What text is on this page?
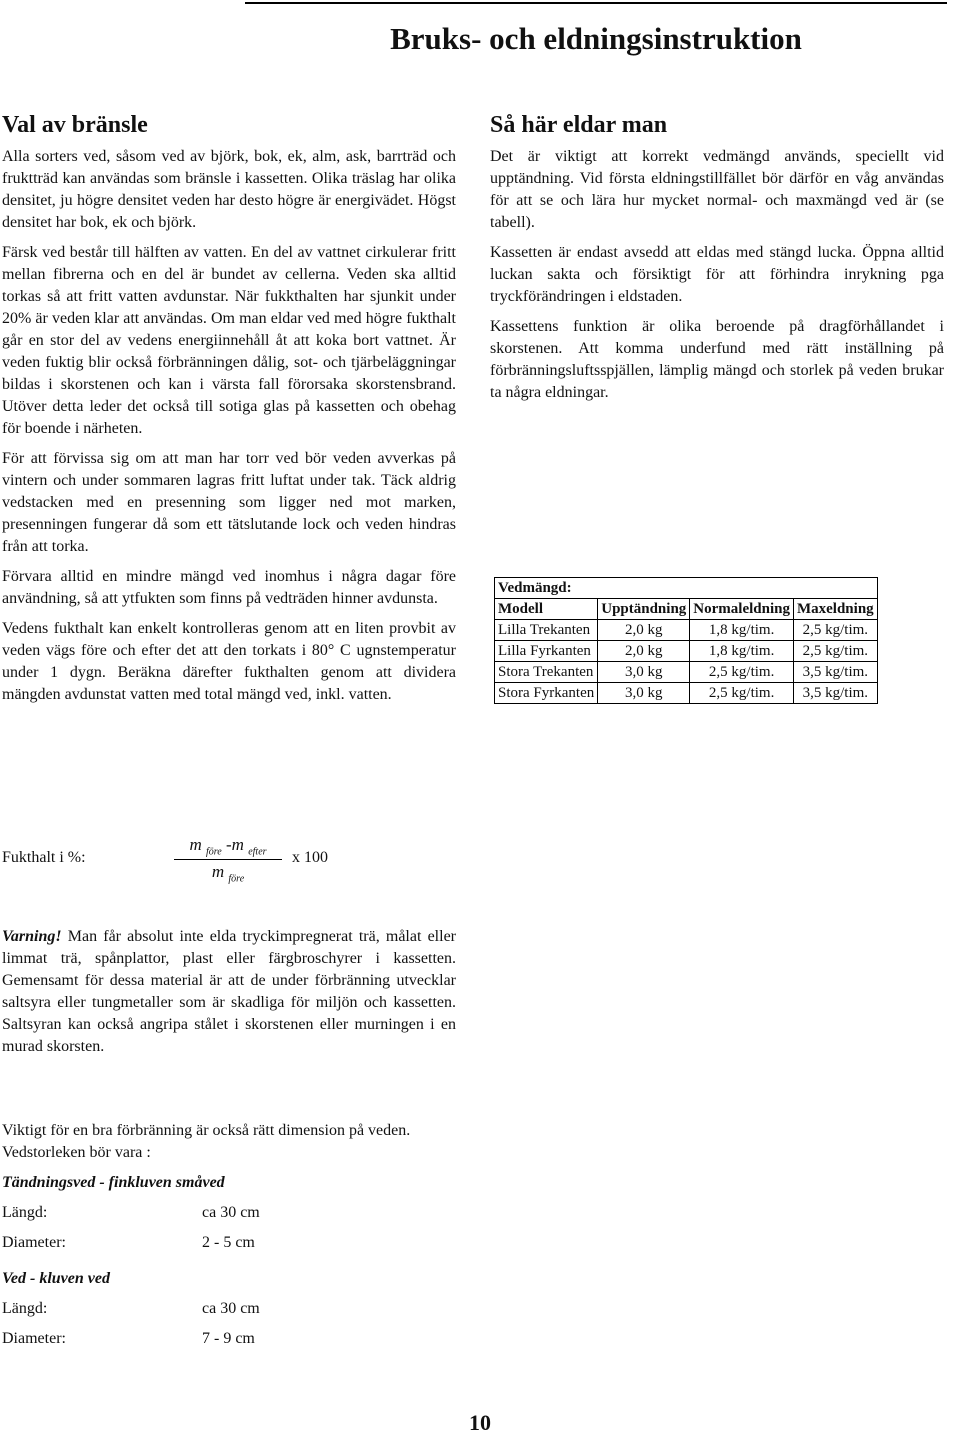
Bruks- och eldningsinstruktion
Val av bränsle

Alla sorters ved, såsom ved av björk, bok, ek, alm, ask, barrträd och fruktträd kan användas som bränsle i kassetten. Olika träslag har olika densitet, ju högre densitet veden har desto högre är energivädet. Högst densitet har bok, ek och björk.

Färsk ved består till hälften av vatten. En del av vattnet cirkulerar fritt mellan fibrerna och en del är bundet av cellerna. Veden ska alltid torkas så att fritt vatten avdunstar. När fukkthalten har sjunkit under 20% är veden klar att användas. Om man eldar ved med högre fukthalt går en stor del av vedens energiinnehåll åt att koka bort vattnet. Är veden fuktig blir också förbränningen dålig, sot- och tjärbeläggningar bildas i skorstenen och kan i värsta fall förorsaka skorstensbrand. Utöver detta leder det också till sotiga glas på kassetten och obehag för boende i närheten.

För att förvissa sig om att man har torr ved bör veden avverkas på vintern och under sommaren lagras fritt luftat under tak. Täck aldrig vedstacken med en presenning som ligger ned mot marken, presenningen fungerar då som ett tätslutande lock och veden hindras från att torka.

Förvara alltid en mindre mängd ved inomhus i några dagar före användning, så att ytfukten som finns på vedträden hinner avdunsta.

Vedens fukthalt kan enkelt kontrolleras genom att en liten provbit av veden vägs före och efter det att den torkats i 80° C ugnstemperatur under 1 dygn. Beräkna därefter fukthalten genom att dividera mängden avdunstat vatten med total mängd ved, inkl. vatten.

Fukthalt i %:
m $_{före}$ -m $_{efter}$
m $_{före}$
x 100

Varning! Man får absolut inte elda tryckimpregnerat trä, målat eller limmat trä, spånplattor, plast eller färgbroschyrer i kassetten. Gemensamt för dessa material är att de under förbränning utvecklar saltsyra eller tungmetaller som är skadliga för miljön och kassetten. Saltsyran kan också angripa stålet i skorstenen eller murningen i en murad skorsten.

Viktigt för en bra förbränning är också rätt dimension på veden. Vedstorleken bör vara :

Tändningsved - finkluven småved
Längd:	ca 30 cm
Diameter:	2 - 5 cm
Ved - kluven ved
Längd:	ca 30 cm
Diameter:	7 - 9 cm
Så här eldar man

Det är viktigt att korrekt vedmängd används, speciellt vid upptändning. Vid första eldningstillfället bör därför en våg användas för att se och lära hur mycket normal- och maxmängd ved är (se tabell).

Kassetten är endast avsedd att eldas med stängd lucka. Öppna alltid luckan sakta och försiktigt för att förhindra inrykning pga tryckförändringen i eldstaden.

Kassettens funktion är olika beroende på dragförhållandet i skorstenen. Att komma underfund med rätt inställning på förbränningsluftsspjällen, lämplig mängd och storlek på veden brukar ta några eldningar.

Vedmängd:			
Modell	Upptändning	Normaleldning	Maxeldning
Lilla Trekanten	2,0 kg	1,8 kg/tim.	2,5 kg/tim.
Lilla Fyrkanten	2,0 kg	1,8 kg/tim.	2,5 kg/tim.
Stora Trekanten	3,0 kg	2,5 kg/tim.	3,5 kg/tim.
Stora Fyrkanten	3,0 kg	2,5 kg/tim.	3,5 kg/tim.
10
